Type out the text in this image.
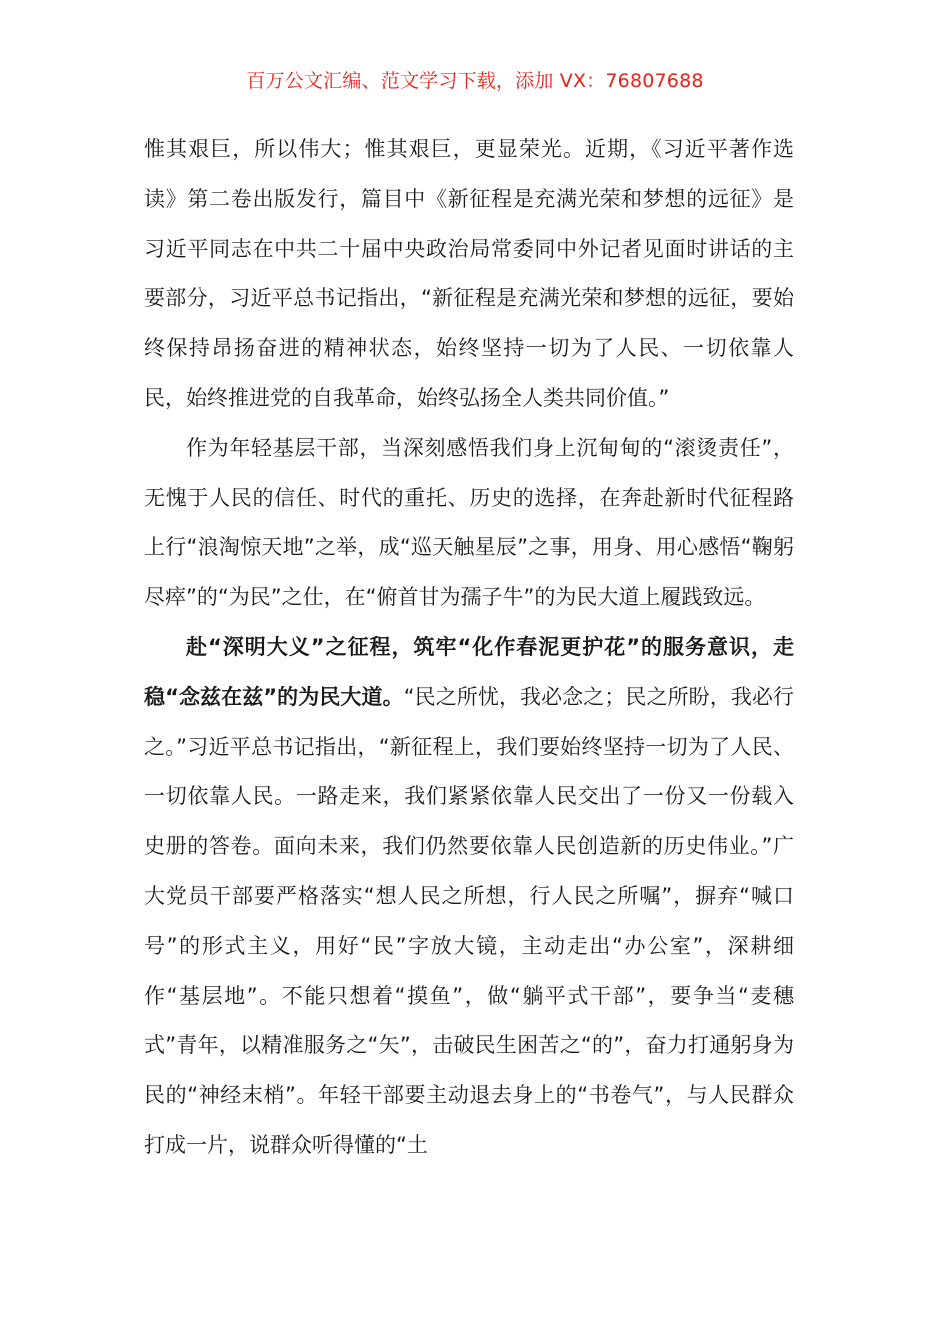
百万公文汇编、范文学习下载，添加 VX：76807688

惟其艰巨，所以伟大；惟其艰巨，更显荣光。近期，《习近平著作选读》第二卷出版发行，篇目中《新征程是充满光荣和梦想的远征》是习近平同志在中共二十届中央政治局常委同中外记者见面时讲话的主要部分，习近平总书记指出，“新征程是充满光荣和梦想的远征，要始终保持昂扬奋进的精神状态，始终坚持一切为了人民、一切依靠人民，始终推进党的自我革命，始终弘扬全人类共同价值。”

作为年轻基层干部，当深刻感悟我们身上沉甸甸的“滚烫责任”，无愧于人民的信任、时代的重托、历史的选择，在奔赴新时代征程路上行“浪淘惊天地”之举，成“巡天触星辰”之事，用身、用心感悟“鞠躬尽瘁”的“为民”之仕，在“俯首甘为孺子牛”的为民大道上履践致远。

赴“深明大义”之征程，筑牢“化作春泥更护花”的服务意识，走稳“念兹在兹”的为民大道。“民之所忧，我必念之；民之所盼，我必行之。”习近平总书记指出，“新征程上，我们要始终坚持一切为了人民、一切依靠人民。一路走来，我们紧紧依靠人民交出了一份又一份载入史册的答卷。面向未来，我们仍然要依靠人民创造新的历史伟业。”广大党员干部要严格落实“想人民之所想，行人民之所嘱”，摒弃“喊口号”的形式主义，用好“民”字放大镜，主动走出“办公室”，深耕细作“基层地”。不能只想着“摸鱼”，做“躺平式干部”，要争当“麦穗式”青年，以精准服务之“矢”，击破民生困苦之“的”，奋力打通躬身为民的“神经末梢”。年轻干部要主动退去身上的“书卷气”，与人民群众打成一片，说群众听得懂的“土
